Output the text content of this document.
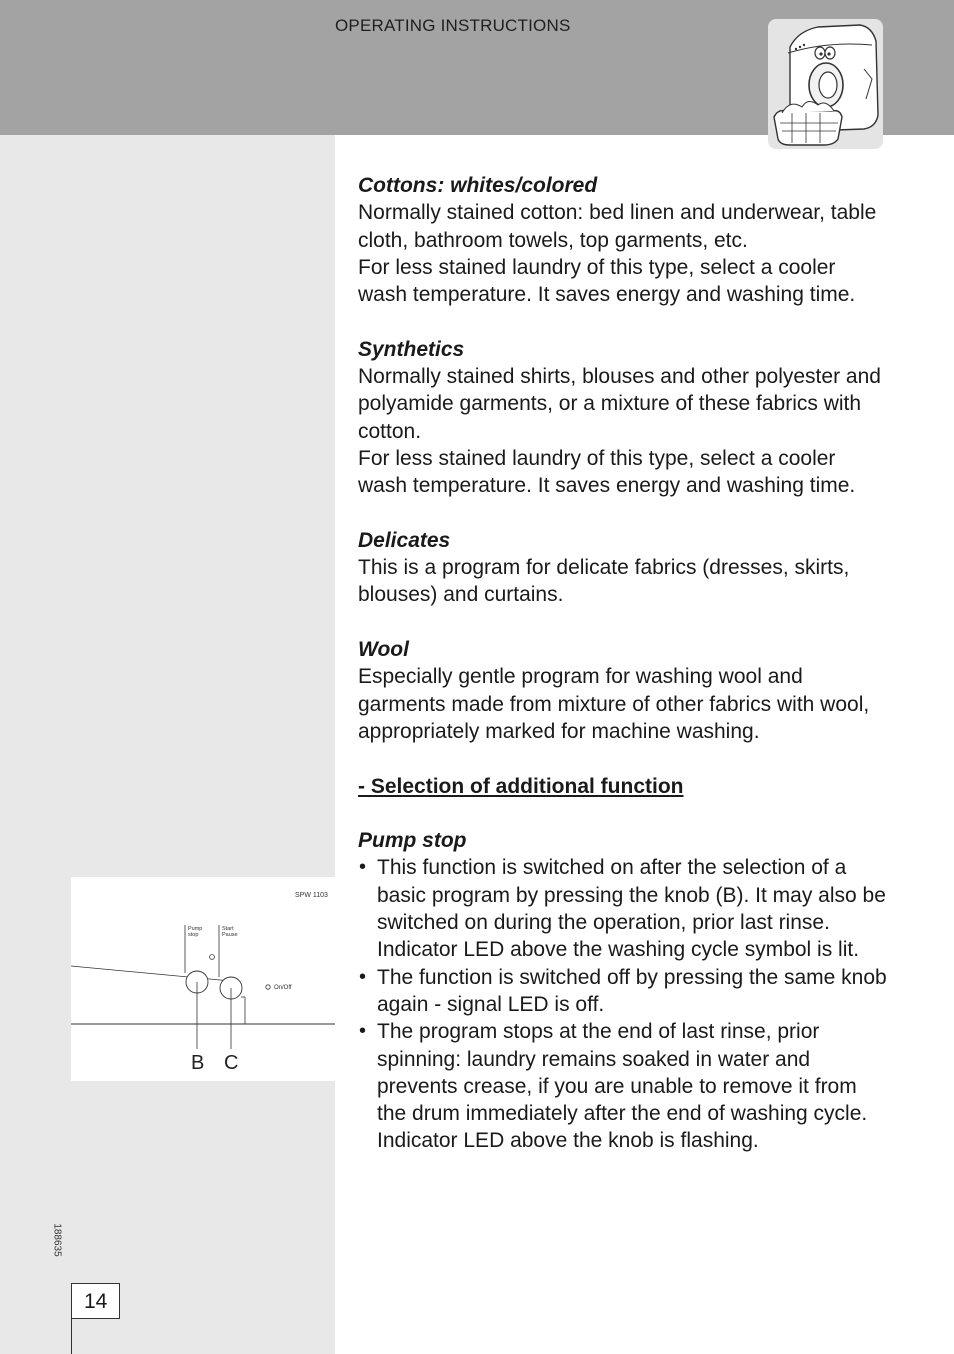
OPERATING INSTRUCTIONS
SPW 1103
Pump
stop
Start
Pause
On/Off
B C
188635
14
Cottons: whites/colored

Normally stained cotton: bed linen and underwear, table cloth, bathroom towels, top garments, etc.

For less stained laundry of this type, select a cooler wash temperature. It saves energy and washing time.

Synthetics

Normally stained shirts, blouses and other polyester and polyamide garments, or a mixture of these fabrics with cotton.

For less stained laundry of this type, select a cooler wash temperature. It saves energy and washing time.

Delicates

This is a program for delicate fabrics (dresses, skirts, blouses) and curtains.

Wool

Especially gentle program for washing wool and garments made from mixture of other fabrics with wool, appropriately marked for machine washing.

- Selection of additional function
Pump stop
• This function is switched on after the selection of a basic program by pressing the knob (B). It may also be switched on during the operation, prior last rinse. Indicator LED above the washing cycle symbol is lit.
• The function is switched off by pressing the same knob again - signal LED is off.
• The program stops at the end of last rinse, prior spinning: laundry remains soaked in water and prevents crease, if you are unable to remove it from the drum immediately after the end of washing cycle. Indicator LED above the knob is flashing.
